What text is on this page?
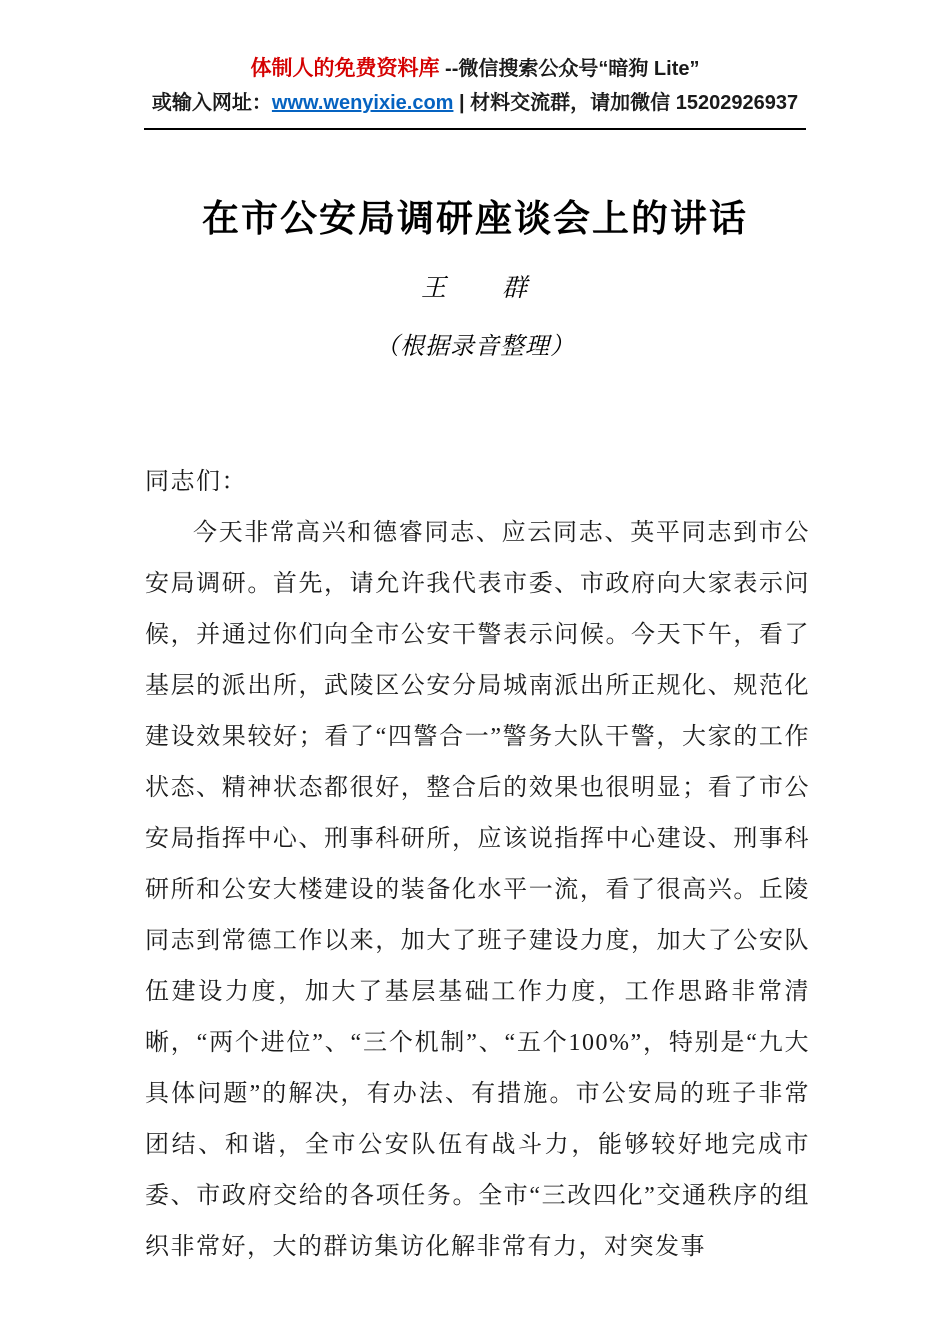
体制人的免费资料库 --微信搜索公众号“暗狗 Lite”
或输入网址：www.wenyixie.com | 材料交流群，请加微信 15202926937
在市公安局调研座谈会上的讲话
王　　群
（根据录音整理）

同志们：

今天非常高兴和德睿同志、应云同志、英平同志到市公安局调研。首先，请允许我代表市委、市政府向大家表示问候，并通过你们向全市公安干警表示问候。今天下午，看了基层的派出所，武陵区公安分局城南派出所正规化、规范化建设效果较好；看了“四警合一”警务大队干警，大家的工作状态、精神状态都很好，整合后的效果也很明显；看了市公安局指挥中心、刑事科研所，应该说指挥中心建设、刑事科研所和公安大楼建设的装备化水平一流，看了很高兴。丘陵同志到常德工作以来，加大了班子建设力度，加大了公安队伍建设力度，加大了基层基础工作力度，工作思路非常清晰，“两个进位”、“三个机制”、“五个100%”，特别是“九大具体问题”的解决，有办法、有措施。市公安局的班子非常团结、和谐，全市公安队伍有战斗力，能够较好地完成市委、市政府交给的各项任务。全市“三改四化”交通秩序的组织非常好，大的群访集访化解非常有力，对突发事
